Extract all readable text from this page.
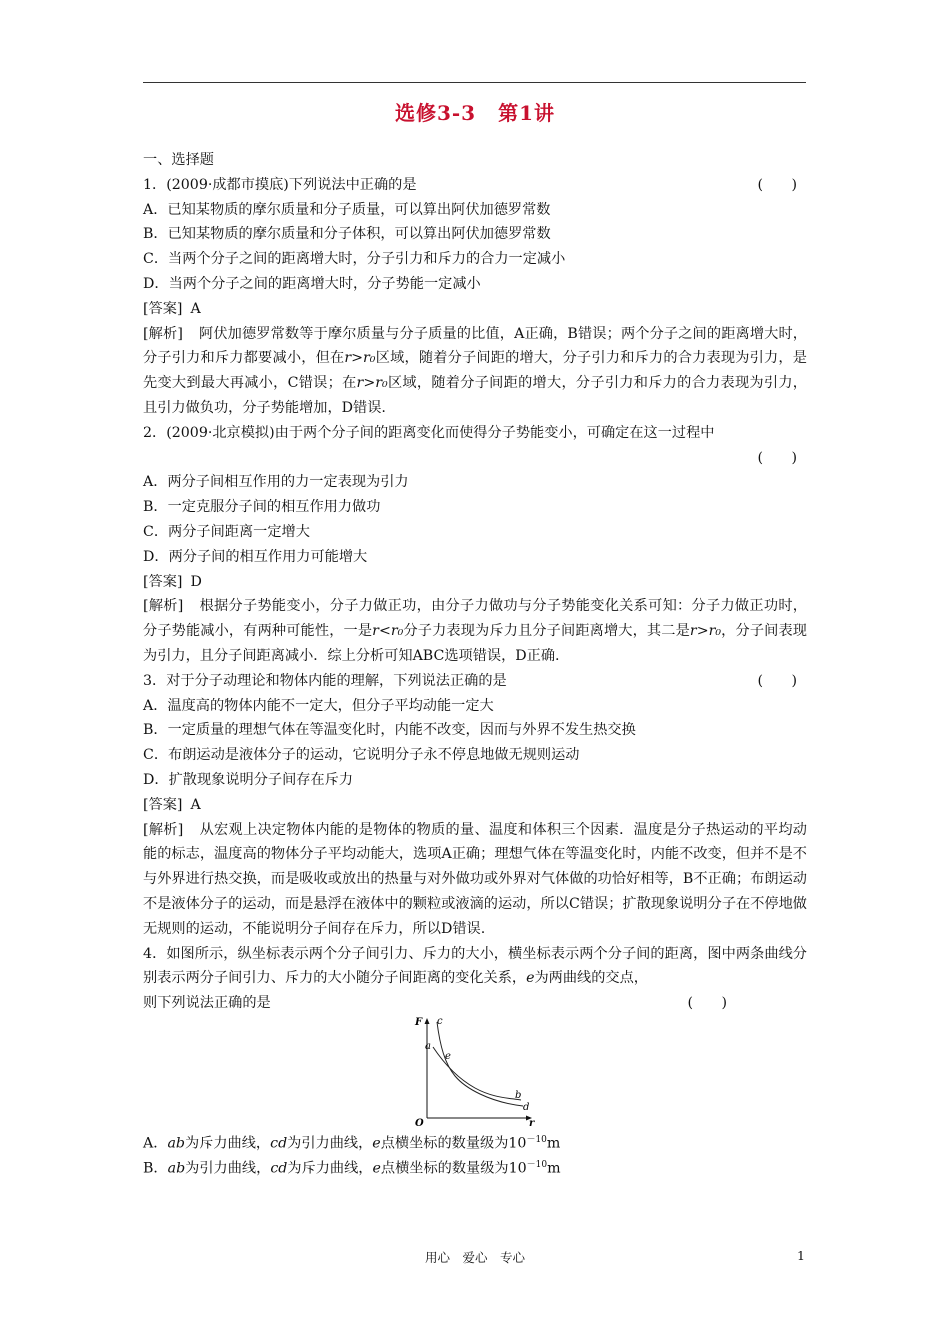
选修3-3 第1讲
一、选择题
1．(2009·成都市摸底)下列说法中正确的是	(　　)
A．已知某物质的摩尔质量和分子质量，可以算出阿伏加德罗常数
B．已知某物质的摩尔质量和分子体积，可以算出阿伏加德罗常数
C．当两个分子之间的距离增大时，分子引力和斥力的合力一定减小
D．当两个分子之间的距离增大时，分子势能一定减小
[答案] A
[解析] 阿伏加德罗常数等于摩尔质量与分子质量的比值，A正确，B错误；两个分子之间的距离增大时，分子引力和斥力都要减小，但在r>r₀区域，随着分子间距的增大，分子引力和斥力的合力表现为引力，是先变大到最大再减小，C错误；在r>r₀区域，随着分子间距的增大，分子引力和斥力的合力表现为引力，且引力做负功，分子势能增加，D错误.
2．(2009·北京模拟)由于两个分子间的距离变化而使得分子势能变小，可确定在这一过程中
(　　)
A．两分子间相互作用的力一定表现为引力
B．一定克服分子间的相互作用力做功
C．两分子间距离一定增大
D．两分子间的相互作用力可能增大
[答案] D
[解析] 根据分子势能变小，分子力做正功，由分子力做功与分子势能变化关系可知：分子力做正功时，分子势能减小，有两种可能性，一是r<r₀分子力表现为斥力且分子间距离增大，其二是r>r₀，分子间表现为引力，且分子间距离减小．综上分析可知ABC选项错误，D正确.
3．对于分子动理论和物体内能的理解，下列说法正确的是	(　　)
A．温度高的物体内能不一定大，但分子平均动能一定大
B．一定质量的理想气体在等温变化时，内能不改变，因而与外界不发生热交换
C．布朗运动是液体分子的运动，它说明分子永不停息地做无规则运动
D．扩散现象说明分子间存在斥力
[答案] A
[解析] 从宏观上决定物体内能的是物体的物质的量、温度和体积三个因素．温度是分子热运动的平均动能的标志，温度高的物体分子平均动能大，选项A正确；理想气体在等温变化时，内能不改变，但并不是不与外界进行热交换，而是吸收或放出的热量与对外做功或外界对气体做的功恰好相等，B不正确；布朗运动不是液体分子的运动，而是悬浮在液体中的颗粒或液滴的运动，所以C错误；扩散现象说明分子在不停地做无规则的运动，不能说明分子间存在斥力，所以D错误.
4．如图所示，纵坐标表示两个分子间引力、斥力的大小，横坐标表示两个分子间的距离，图中两条曲线分别表示两分子间引力、斥力的大小随分子间距离的变化关系，e为两曲线的交点，
则下列说法正确的是	(　　)
F c
a
e
b
d
O	r
A．ab为斥力曲线，cd为引力曲线，e点横坐标的数量级为$10^{-10}m$
B．ab为引力曲线，cd为斥力曲线，e点横坐标的数量级为$10^{-10}m$
用心　爱心　专心	1
